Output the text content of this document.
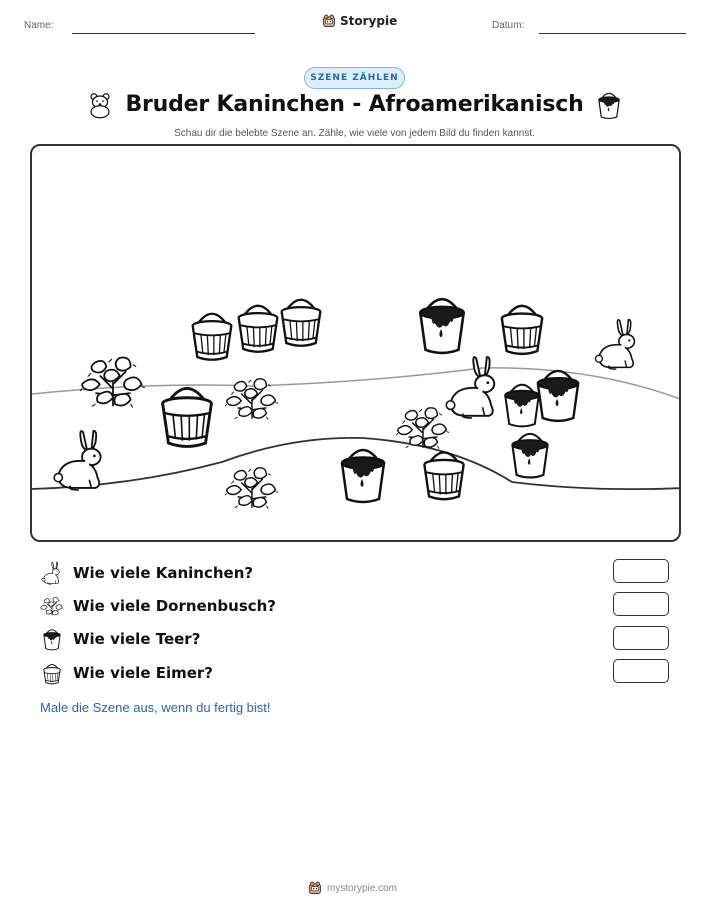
Name:	Storypie	Datum:
SZENE ZÄHLEN
Bruder Kaninchen - Afroamerikanisch
Schau dir die belebte Szene an. Zähle, wie viele von jedem Bild du finden kannst.
Wie viele Kaninchen?
Wie viele Dornenbusch?
Wie viele Teer?
Wie viele Eimer?
Male die Szene aus, wenn du fertig bist!
mystorypie.com
